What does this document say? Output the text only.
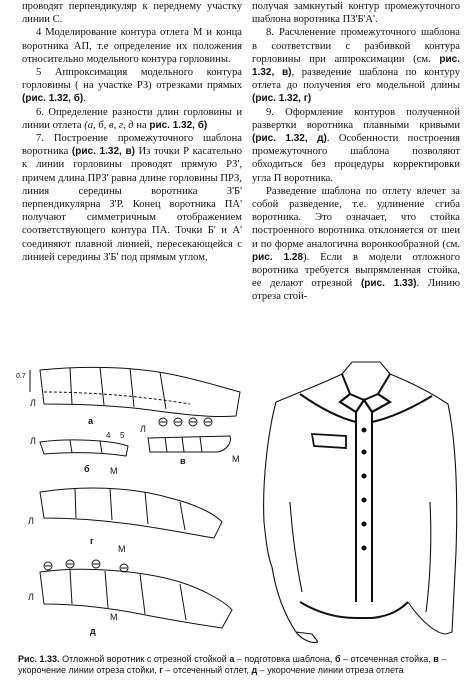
проводят перпендикуляр к переднему участку линии С.

4 Моделирование контура отлета М и конца воротника АП, т.е определение их положения относительно модельного контура горловины.

5 Аппроксимация модельного контура горловины ( на участке РЗ) отрезками прямых (рис. 1.32, б).

6. Определение разности длин горловины и линии отлета (а, б, в, г, д на рис. 1.32, б)

7. Построение промежуточного шаблона воротника (рис. 1.32, в) Из точки Р касательно к линии горловины проводят прямую РЗ', причем длина ПРЗ' равна длине горловины ПРЗ, линия середины воротника З'Б' перпендикулярна З'Р. Конец воротника ПА' получают симметричным отображением соответствующего контура ПА. Точки Б' и А' соединяют плавной линией, пересекающейся с линией середины З'Б' под прямым углом,

получая замкнутый контур промежуточного шаблона воротника ПЗ'Б'А'.

8. Расчленение промежуточного шаблона в соответствии с разбивкой контура горловины при аппроксимации (см. рис. 1.32, в), разведение шаблона по контуру отлета до получения его модельной длины (рис. 1.32, г)

9. Оформление контуров полученной развертки воротника плавными кривыми (рис. 1.32, д). Особенности построения промежуточного шаблона позволяют обходиться без процедуры корректировки угла П воротника.

Разведение шаблона по отлету влечет за собой разведение, т.е. удлинение сгиба воротника. Это означает, что стойка построенного воротника отклоняется от шеи и по форме аналогична воронкообразной (см. рис. 1.28). Если в модели отложного воротника требуется выпрямленная стойка, ее делают отрезной (рис. 1.33). Линию отреза стой-

0.7
а
4 5
Л
Л
б М
Л
в	М
Л
г
М
Л
д
М
Рис. 1.33. Отложной воротник с отрезной стойкой а – подготовка шаблона, б – отсеченная стойка, в – укорочение линии отреза стойки, г – отсеченный отлет, д – укорочение линии отреза отлета
